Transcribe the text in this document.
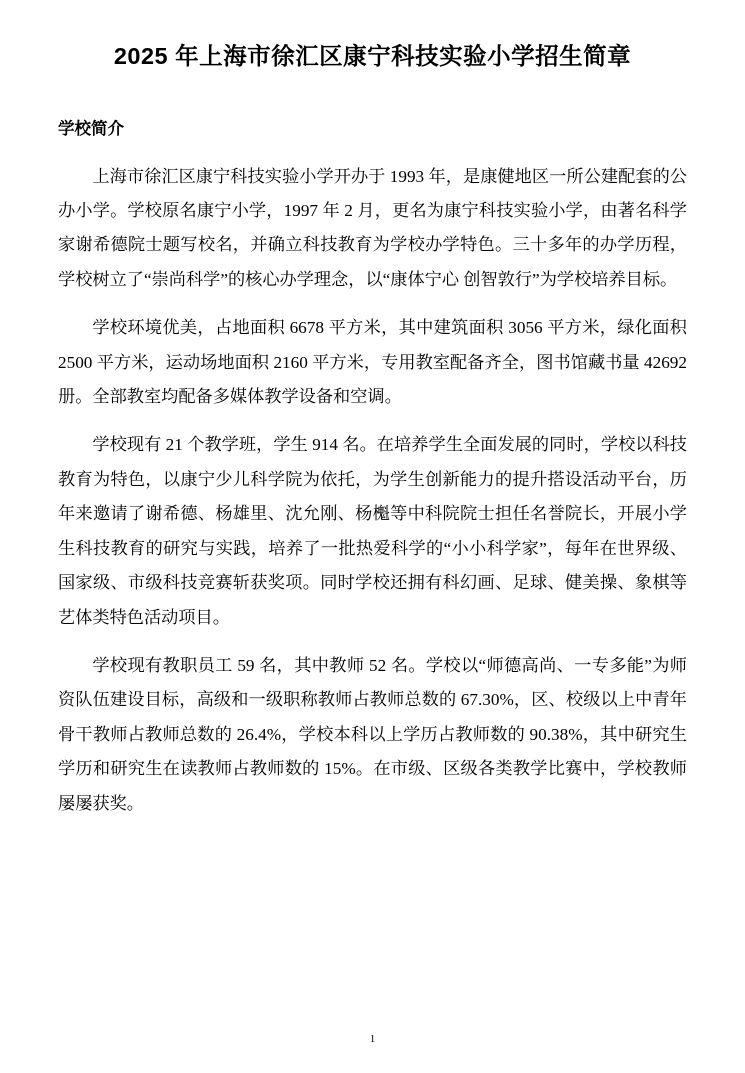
2025 年上海市徐汇区康宁科技实验小学招生简章
学校简介

上海市徐汇区康宁科技实验小学开办于 1993 年，是康健地区一所公建配套的公办小学。学校原名康宁小学，1997 年 2 月，更名为康宁科技实验小学，由著名科学家谢希德院士题写校名，并确立科技教育为学校办学特色。三十多年的办学历程，学校树立了“崇尚科学”的核心办学理念，以“康体宁心 创智敦行”为学校培养目标。

学校环境优美，占地面积 6678 平方米，其中建筑面积 3056 平方米，绿化面积 2500 平方米，运动场地面积 2160 平方米，专用教室配备齐全，图书馆藏书量 42692 册。全部教室均配备多媒体教学设备和空调。

学校现有 21 个教学班，学生 914 名。在培养学生全面发展的同时，学校以科技教育为特色，以康宁少儿科学院为依托，为学生创新能力的提升搭设活动平台，历年来邀请了谢希德、杨雄里、沈允刚、杨櫆等中科院院士担任名誉院长，开展小学生科技教育的研究与实践，培养了一批热爱科学的“小小科学家”，每年在世界级、国家级、市级科技竞赛斩获奖项。同时学校还拥有科幻画、足球、健美操、象棋等艺体类特色活动项目。

学校现有教职员工 59 名，其中教师 52 名。学校以“师德高尚、一专多能”为师资队伍建设目标，高级和一级职称教师占教师总数的 67.30%，区、校级以上中青年骨干教师占教师总数的 26.4%，学校本科以上学历占教师数的 90.38%，其中研究生学历和研究生在读教师占教师数的 15%。在市级、区级各类教学比赛中，学校教师屡屡获奖。

1
